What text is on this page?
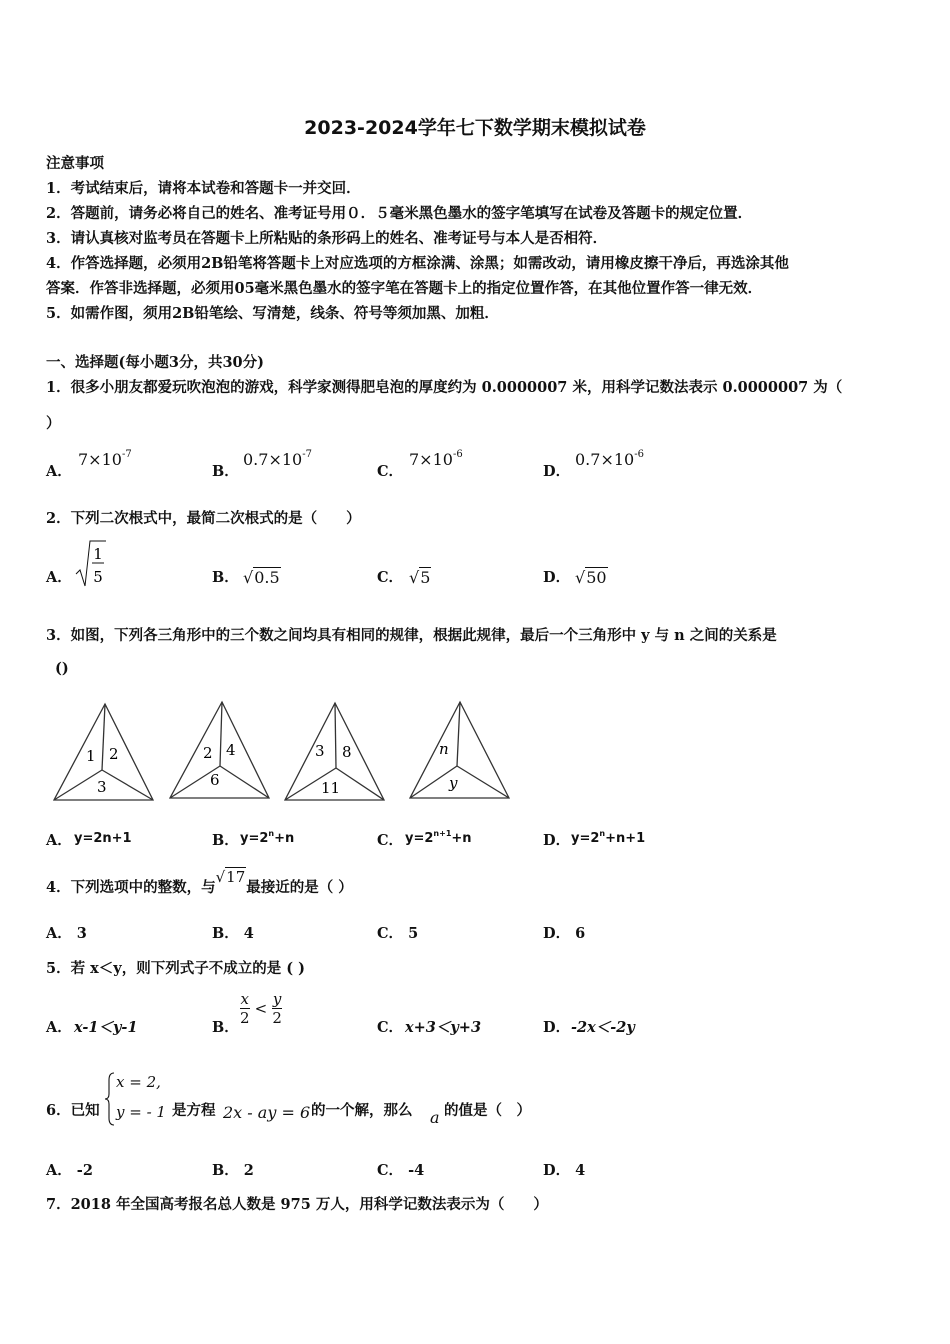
2023-2024学年七下数学期末模拟试卷
注意事项
1．考试结束后，请将本试卷和答题卡一并交回．
2．答题前，请务必将自己的姓名、准考证号用０．５毫米黑色墨水的签字笔填写在试卷及答题卡的规定位置．
3．请认真核对监考员在答题卡上所粘贴的条形码上的姓名、准考证号与本人是否相符．
4．作答选择题，必须用2B铅笔将答题卡上对应选项的方框涂满、涂黑；如需改动，请用橡皮擦干净后，再选涂其他
答案．作答非选择题，必须用05毫米黑色墨水的签字笔在答题卡上的指定位置作答，在其他位置作答一律无效．
5．如需作图，须用2B铅笔绘、写清楚，线条、符号等须加黑、加粗．
一、选择题(每小题3分，共30分)
1．很多小朋友都爱玩吹泡泡的游戏，科学家测得肥皂泡的厚度约为 0.0000007 米，用科学记数法表示 0.0000007 为（
）
A．
$7\times 10^{-7}$
B．
$0.7\times 10^{-7}$
C．
$7\times 10^{-6}$
D．
$0.7\times 10^{-6}$
2．下列二次根式中，最简二次根式的是（　　）
A．
1
5	B． √0.5	C． √5	D． √50
3．如图，下列各三角形中的三个数之间均具有相同的规律，根据此规律，最后一个三角形中 y 与 n 之间的关系是
()
1 2
3
2 4
6
3 8
11
n
y
A． y=2n+1	B． $y=2^n+n$	C． $y=2^{n+1}+n$	D． $y=2^n+n+1$
4．下列选项中的整数，与√17最接近的是（ ）
A． 3	B． 4	C． 5	D． 6
5．若 x＜y，则下列式子不成立的是 ( )
A． x-1＜y-1	B．
$\frac{x}{2} < \frac{y}{2}$
C． x+3＜y+3	D． -2x＜-2y
6．已知
x = 2,
y = - 1 是方程 2x - ay = 6 的一个解，那么 a 的值是（　）
A． -2	B． 2	C． -4	D． 4
7．2018 年全国高考报名总人数是 975 万人，用科学记数法表示为（　　）
